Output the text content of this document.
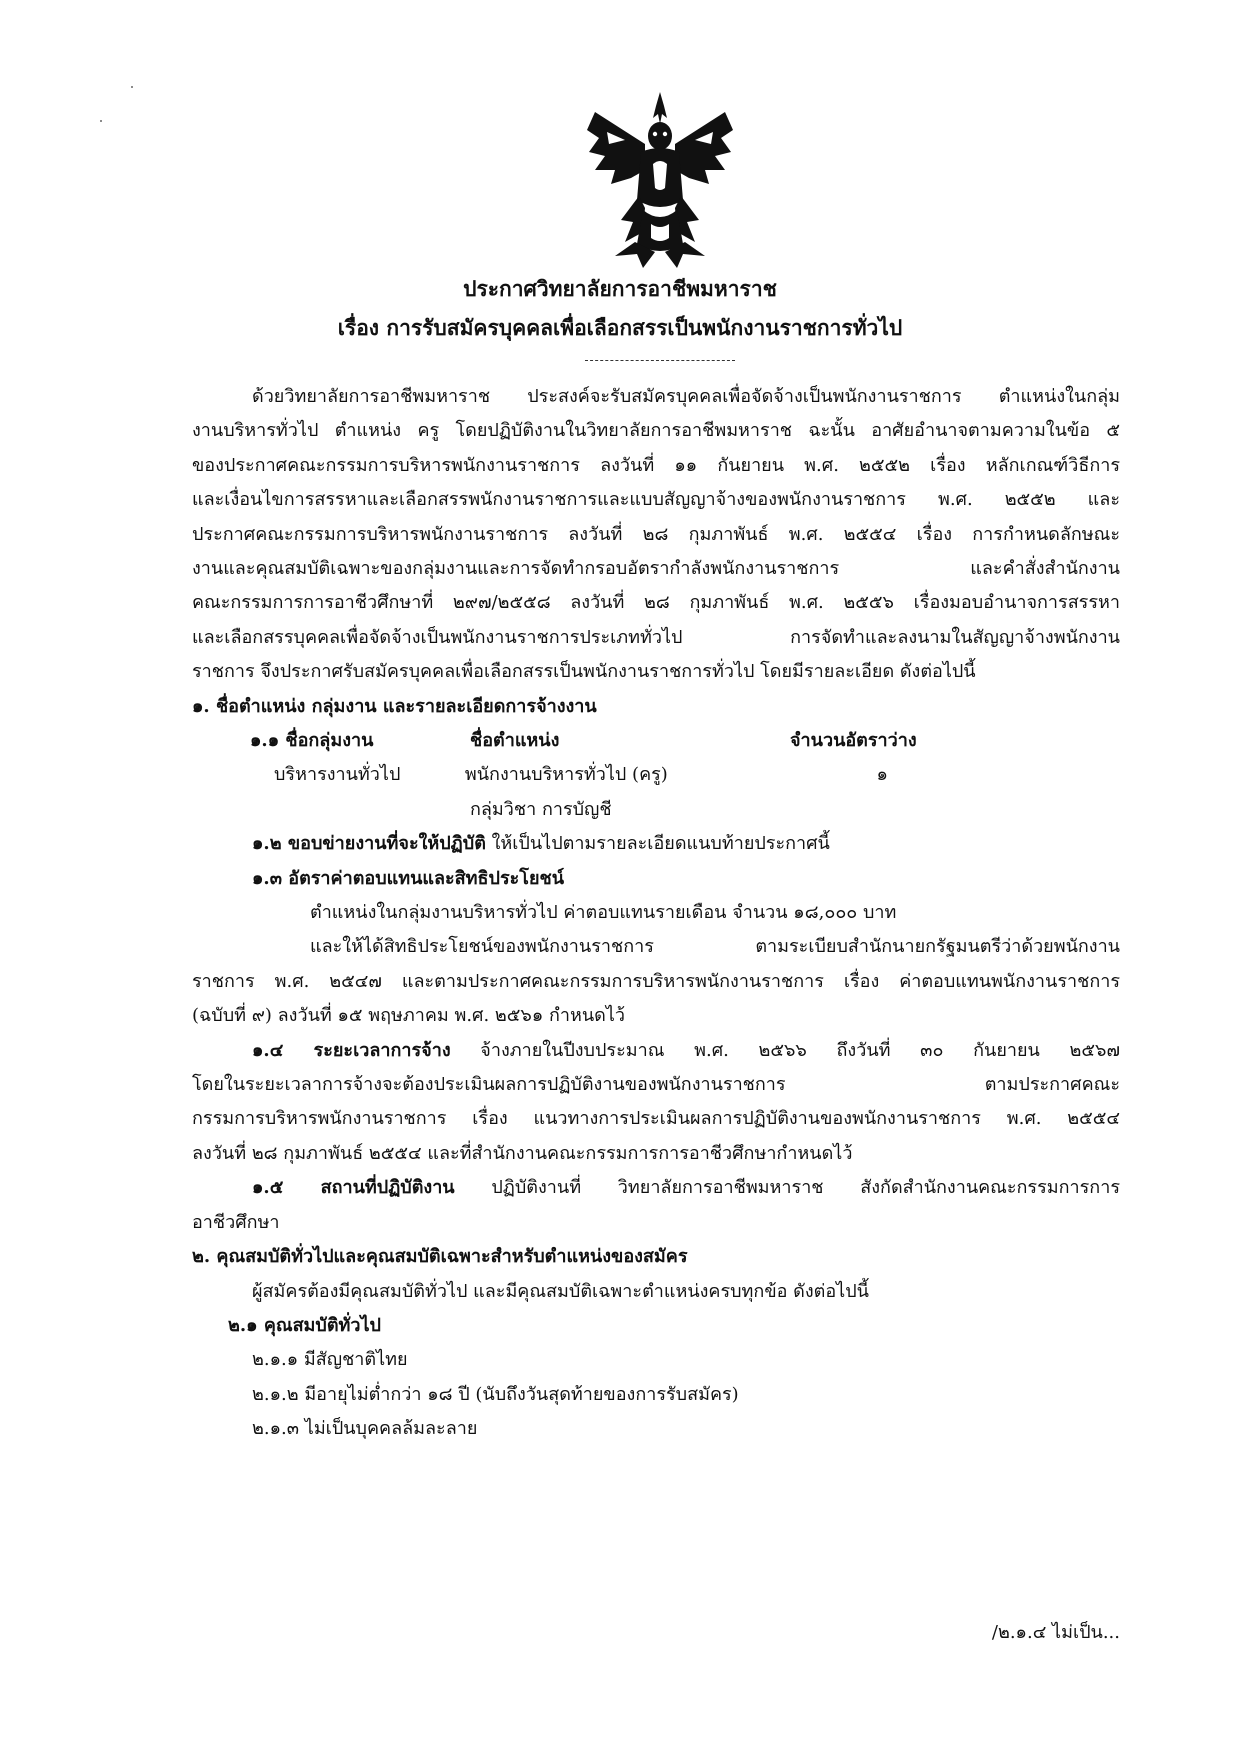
ประกาศวิทยาลัยการอาชีพมหาราช
เรื่อง การรับสมัครบุคคลเพื่อเลือกสรรเป็นพนักงานราชการทั่วไป

ด้วยวิทยาลัยการอาชีพมหาราช ประสงค์จะรับสมัครบุคคลเพื่อจัดจ้างเป็นพนักงานราชการ ตำแหน่งในกลุ่ม

งานบริหารทั่วไป ตำแหน่ง ครู โดยปฏิบัติงานในวิทยาลัยการอาชีพมหาราช ฉะนั้น อาศัยอำนาจตามความในข้อ ๕

ของประกาศคณะกรรมการบริหารพนักงานราชการ ลงวันที่ ๑๑ กันยายน พ.ศ. ๒๕๕๒ เรื่อง หลักเกณฑ์วิธีการ

และเงื่อนไขการสรรหาและเลือกสรรพนักงานราชการและแบบสัญญาจ้างของพนักงานราชการ พ.ศ. ๒๕๕๒ และ

ประกาศคณะกรรมการบริหารพนักงานราชการ ลงวันที่ ๒๘ กุมภาพันธ์ พ.ศ. ๒๕๕๔ เรื่อง การกำหนดลักษณะ

งานและคุณสมบัติเฉพาะของกลุ่มงานและการจัดทำกรอบอัตรากำลังพนักงานราชการ และคำสั่งสำนักงาน

คณะกรรมการการอาชีวศึกษาที่ ๒๙๗/๒๕๕๘ ลงวันที่ ๒๘ กุมภาพันธ์ พ.ศ. ๒๕๕๖ เรื่องมอบอำนาจการสรรหา

และเลือกสรรบุคคลเพื่อจัดจ้างเป็นพนักงานราชการประเภททั่วไป การจัดทำและลงนามในสัญญาจ้างพนักงาน

ราชการ จึงประกาศรับสมัครบุคคลเพื่อเลือกสรรเป็นพนักงานราชการทั่วไป โดยมีรายละเอียด ดังต่อไปนี้

๑. ชื่อตำแหน่ง กลุ่มงาน และรายละเอียดการจ้างงาน

๑.๑ ชื่อกลุ่มงาน	ชื่อตำแหน่ง	จำนวนอัตราว่าง
บริหารงานทั่วไป	พนักงานบริหารทั่วไป (ครู)	๑
กลุ่มวิชา การบัญชี

๑.๒ ขอบข่ายงานที่จะให้ปฏิบัติ ให้เป็นไปตามรายละเอียดแนบท้ายประกาศนี้

๑.๓ อัตราค่าตอบแทนและสิทธิประโยชน์

ตำแหน่งในกลุ่มงานบริหารทั่วไป ค่าตอบแทนรายเดือน จำนวน ๑๘,๐๐๐ บาท

และให้ได้สิทธิประโยชน์ของพนักงานราชการ ตามระเบียบสำนักนายกรัฐมนตรีว่าด้วยพนักงาน

ราชการ พ.ศ. ๒๕๔๗ และตามประกาศคณะกรรมการบริหารพนักงานราชการ เรื่อง ค่าตอบแทนพนักงานราชการ

(ฉบับที่ ๙) ลงวันที่ ๑๕ พฤษภาคม พ.ศ. ๒๕๖๑ กำหนดไว้

๑.๔ ระยะเวลาการจ้าง จ้างภายในปีงบประมาณ พ.ศ. ๒๕๖๖ ถึงวันที่ ๓๐ กันยายน ๒๕๖๗

โดยในระยะเวลาการจ้างจะต้องประเมินผลการปฏิบัติงานของพนักงานราชการ ตามประกาศคณะ

กรรมการบริหารพนักงานราชการ เรื่อง แนวทางการประเมินผลการปฏิบัติงานของพนักงานราชการ พ.ศ. ๒๕๕๔

ลงวันที่ ๒๘ กุมภาพันธ์ ๒๕๕๔ และที่สำนักงานคณะกรรมการการอาชีวศึกษากำหนดไว้

๑.๕ สถานที่ปฏิบัติงาน ปฏิบัติงานที่ วิทยาลัยการอาชีพมหาราช สังกัดสำนักงานคณะกรรมการการ

อาชีวศึกษา

๒. คุณสมบัติทั่วไปและคุณสมบัติเฉพาะสำหรับตำแหน่งของสมัคร

ผู้สมัครต้องมีคุณสมบัติทั่วไป และมีคุณสมบัติเฉพาะตำแหน่งครบทุกข้อ ดังต่อไปนี้

๒.๑ คุณสมบัติทั่วไป

๒.๑.๑ มีสัญชาติไทย

๒.๑.๒ มีอายุไม่ต่ำกว่า ๑๘ ปี (นับถึงวันสุดท้ายของการรับสมัคร)

๒.๑.๓ ไม่เป็นบุคคลล้มละลาย

/๒.๑.๔ ไม่เป็น...
